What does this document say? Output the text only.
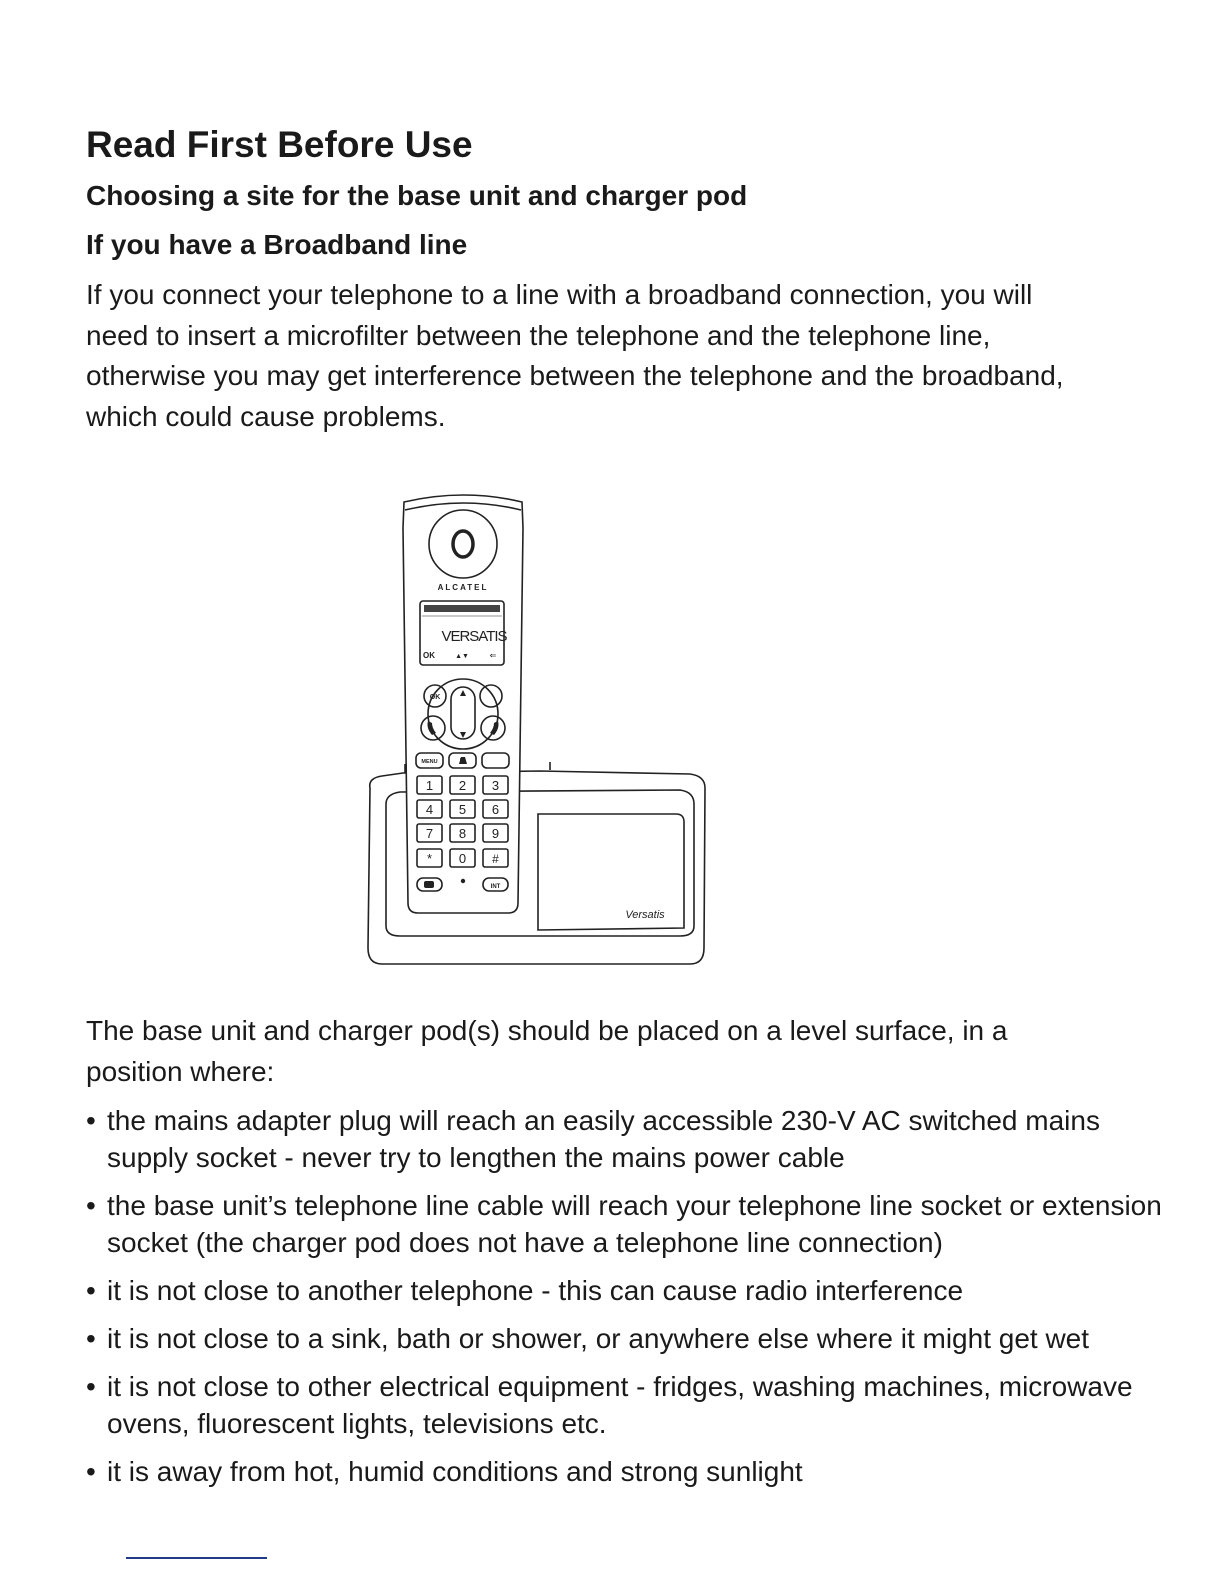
Read First Before Use
Choosing a site for the base unit and charger pod
If you have a Broadband line

If you connect your telephone to a line with a broadband connection, you will need to insert a microfilter between the telephone and the telephone line, otherwise you may get interference between the telephone and the broadband, which could cause problems.

ALCATEL
VERSATIS
OK	▲▼	⇐
OK
MENU	R
INT
1 2 3
4 5 6
7 8 9
* 0 #
Versatis

The base unit and charger pod(s) should be placed on a level surface, in a position where:

• the mains adapter plug will reach an easily accessible 230-V AC switched mains supply socket - never try to lengthen the mains power cable
• the base unit’s telephone line cable will reach your telephone line socket or extension socket (the charger pod does not have a telephone line connection)
• it is not close to another telephone - this can cause radio interference
• it is not close to a sink, bath or shower, or anywhere else where it might get wet
• it is not close to other electrical equipment - fridges, washing machines, microwave ovens, fluorescent lights, televisions etc.
• it is away from hot, humid conditions and strong sunlight
